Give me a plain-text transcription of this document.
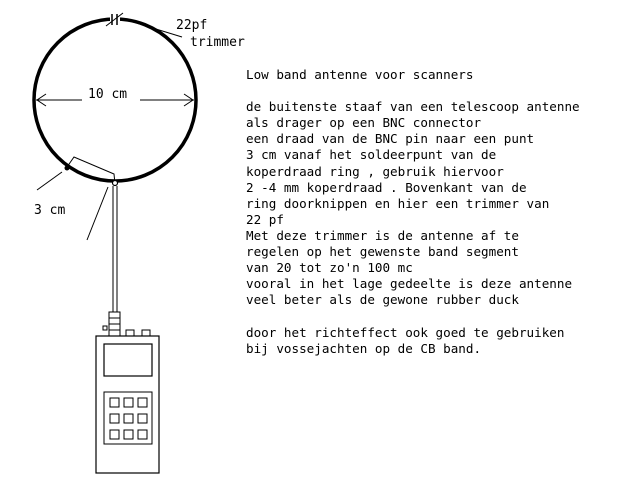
22pf
trimmer
10 cm
3 cm
Low band antenne voor scanners
de buitenste staaf van een telescoop antenne
als drager op een BNC connector
een draad van de BNC pin naar een punt
3 cm vanaf het soldeerpunt van de
koperdraad ring , gebruik hiervoor
2 -4 mm koperdraad . Bovenkant van de
ring doorknippen en hier een trimmer van
22 pf
Met deze trimmer is de antenne af te
regelen op het gewenste band segment
van 20 tot zo'n 100 mc
vooral in het lage gedeelte is deze antenne
veel beter als de gewone rubber duck
door het richteffect ook goed te gebruiken
bij vossejachten op de CB band.
